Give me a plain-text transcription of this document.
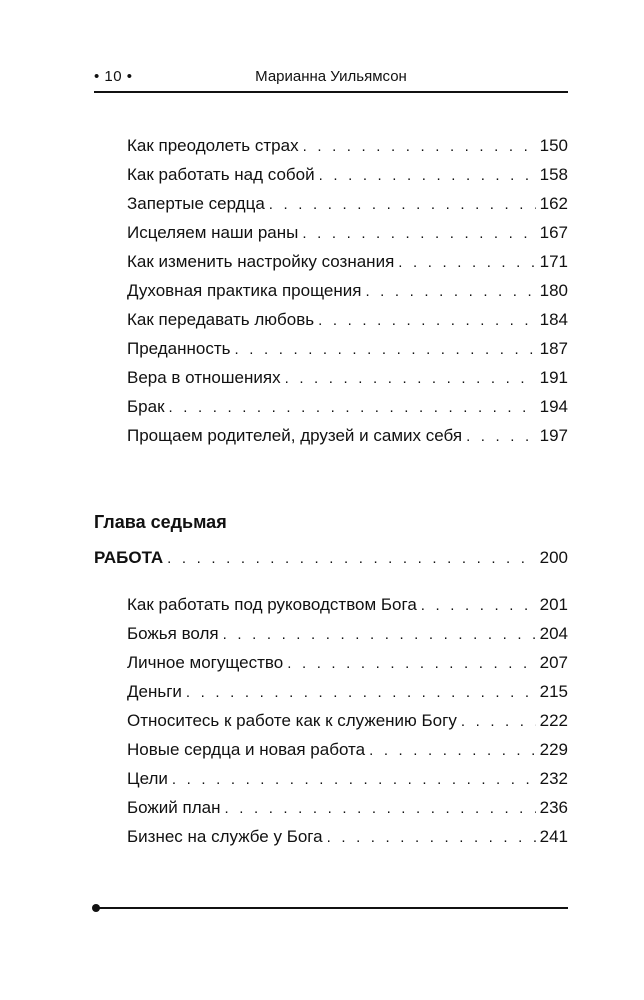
• 10 •	Марианна Уильямсон
Как преодолеть страх . . .	150
Как работать над собой . . .	158
Запертые сердца . . .	162
Исцеляем наши раны . . .	167
Как изменить настройку сознания . . .	171
Духовная практика прощения . . .	180
Как передавать любовь . . .	184
Преданность . . .	187
Вера в отношениях . . .	191
Брак . . .	194
Прощаем родителей, друзей и самих себя . . .	197
Глава седьмая
РАБОТА . . .	200
Как работать под руководством Бога . . .	201
Божья воля . . .	204
Личное могущество . . .	207
Деньги . . .	215
Относитесь к работе как к служению Богу . . .	222
Новые сердца и новая работа . . .	229
Цели . . .	232
Божий план . . .	236
Бизнес на службе у Бога . . .	241
